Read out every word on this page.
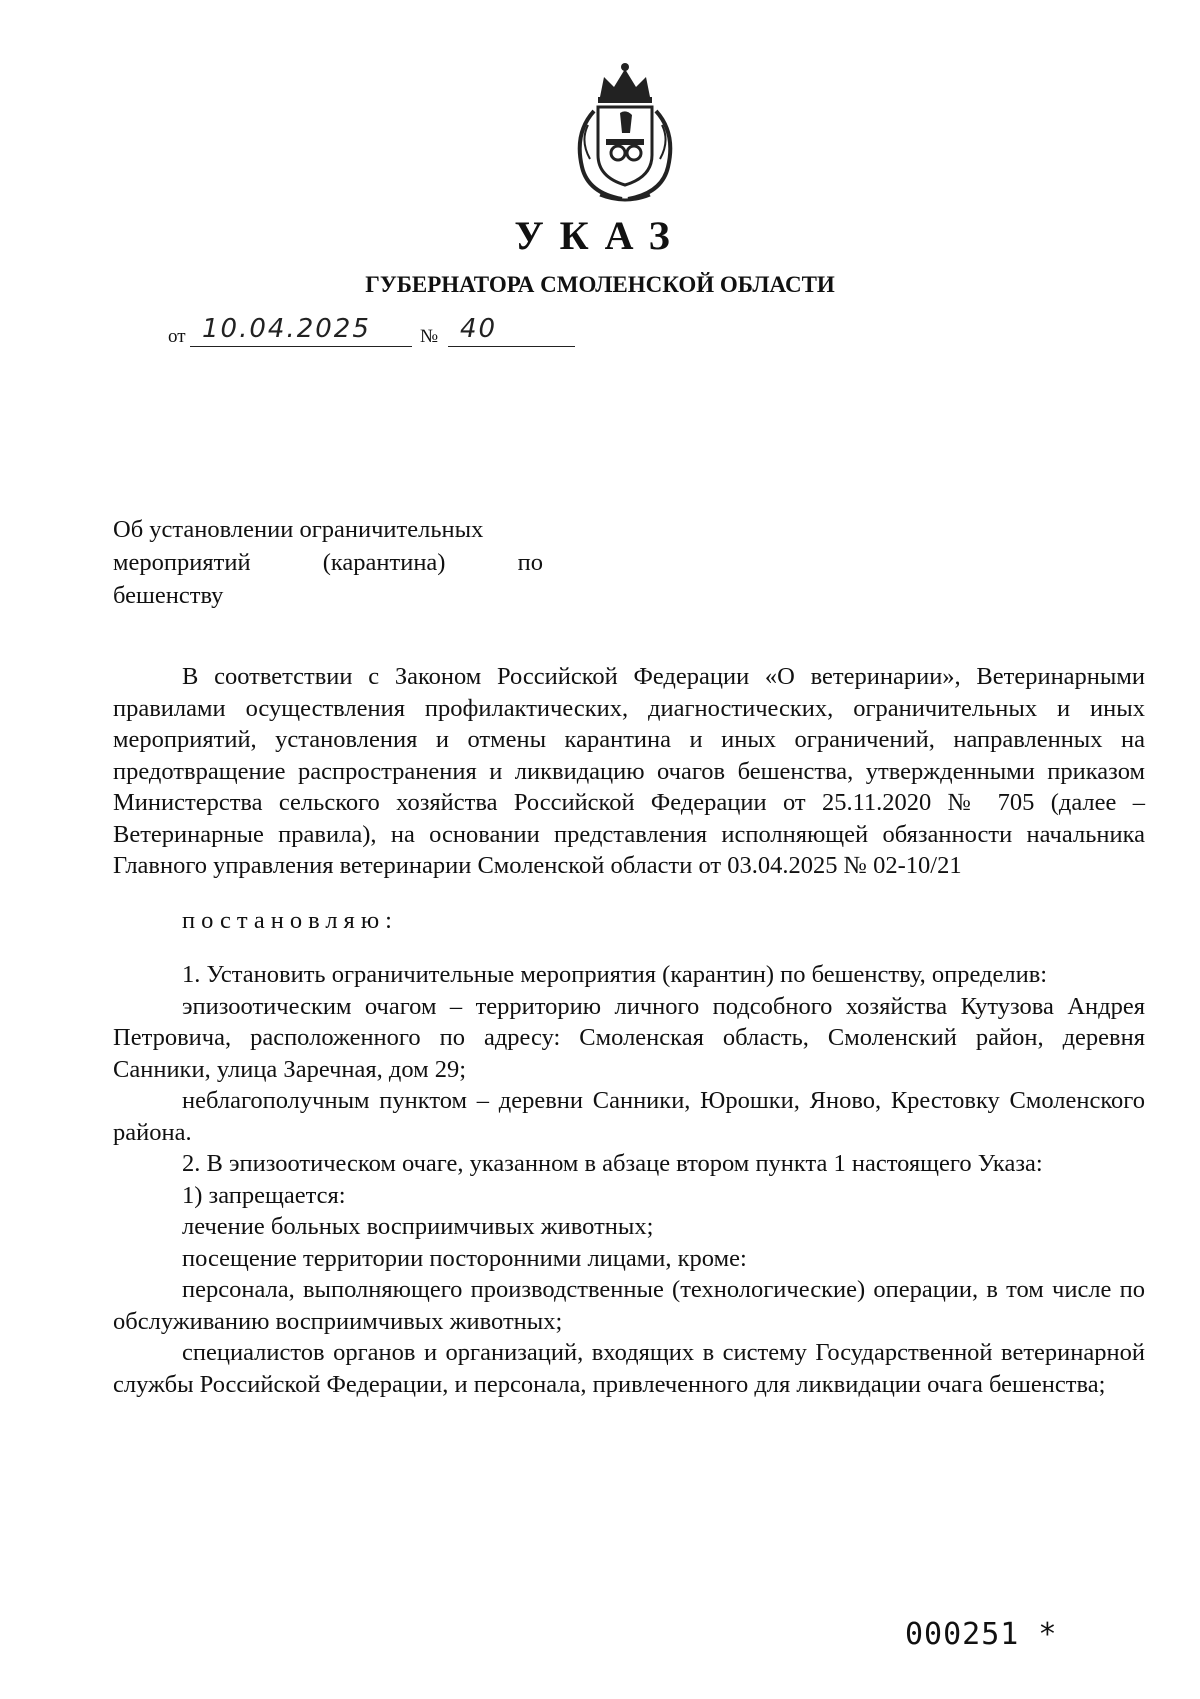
УКАЗ
ГУБЕРНАТОРА СМОЛЕНСКОЙ ОБЛАСТИ
от 10.04.2025	№ 40
Об установлении ограничительных
мероприятий	(карантина)	по
бешенству

В соответствии с Законом Российской Федерации «О ветеринарии», Ветеринарными правилами осуществления профилактических, диагностических, ограничительных и иных мероприятий, установления и отмены карантина и иных ограничений, направленных на предотвращение распространения и ликвидацию очагов бешенства, утвержденными приказом Министерства сельского хозяйства Российской Федерации от 25.11.2020 № 705 (далее – Ветеринарные правила), на основании представления исполняющей обязанности начальника Главного управления ветеринарии Смоленской области от 03.04.2025 № 02-10/21

постановляю:

1. Установить ограничительные мероприятия (карантин) по бешенству, определив:

эпизоотическим очагом – территорию личного подсобного хозяйства Кутузова Андрея Петровича, расположенного по адресу: Смоленская область, Смоленский район, деревня Санники, улица Заречная, дом 29;

неблагополучным пунктом – деревни Санники, Юрошки, Яново, Крестовку Смоленского района.

2. В эпизоотическом очаге, указанном в абзаце втором пункта 1 настоящего Указа:

1) запрещается:

лечение больных восприимчивых животных;

посещение территории посторонними лицами, кроме:

персонала, выполняющего производственные (технологические) операции, в том числе по обслуживанию восприимчивых животных;

специалистов органов и организаций, входящих в систему Государственной ветеринарной службы Российской Федерации, и персонала, привлеченного для ликвидации очага бешенства;

000251 *
